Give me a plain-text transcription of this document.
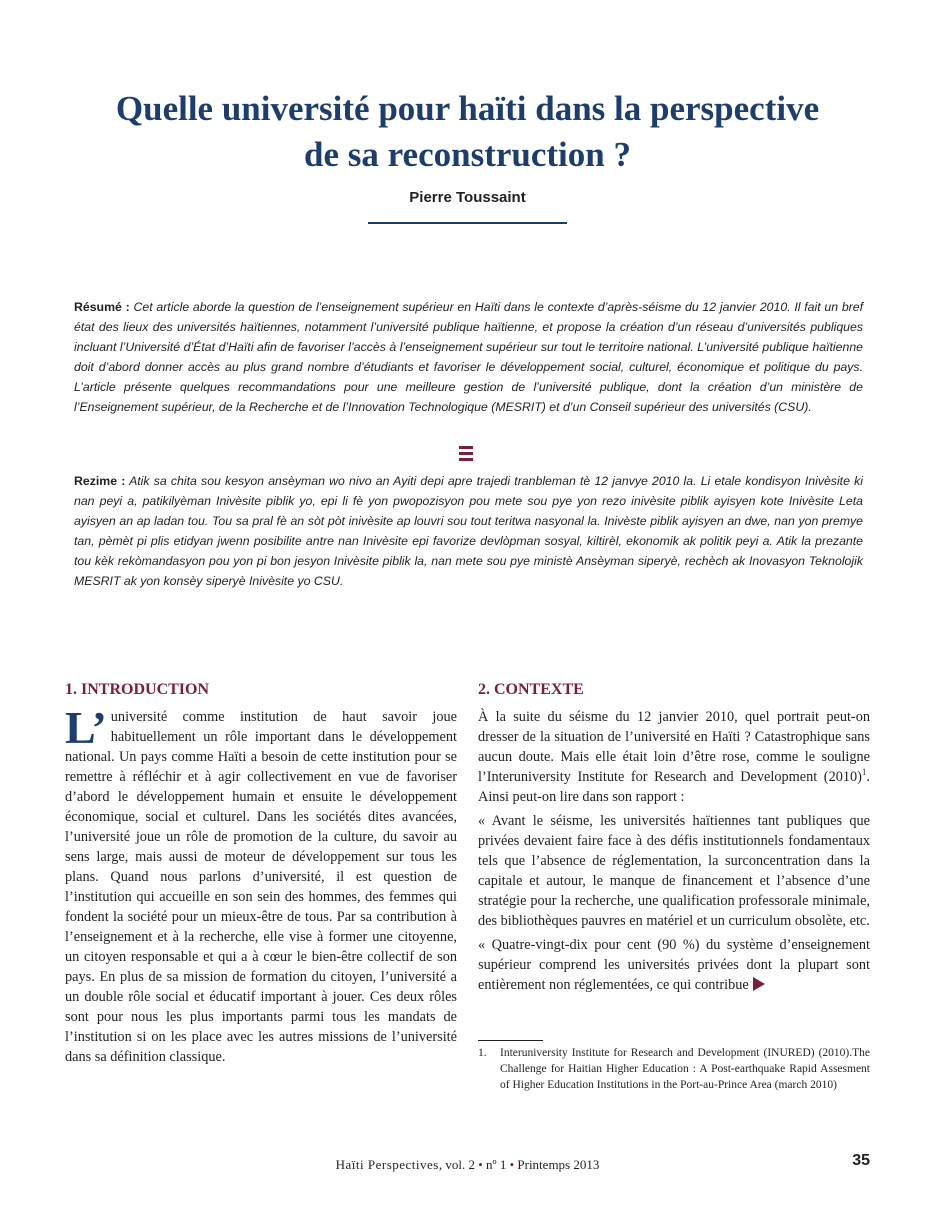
Quelle université pour haïti dans la perspective
de sa reconstruction ?
Pierre Toussaint
Résumé : Cet article aborde la question de l’enseignement supérieur en Haïti dans le contexte d’après-séisme du 12 janvier 2010. Il fait un bref état des lieux des universités haïtiennes, notamment l’université publique haïtienne, et propose la création d’un réseau d’universités publiques incluant l’Université d’État d’Haïti afin de favoriser l’accès à l’enseignement supérieur sur tout le territoire national. L’université publique haïtienne doit d’abord donner accès au plus grand nombre d’étudiants et favoriser le développement social, culturel, économique et politique du pays. L’article présente quelques recommandations pour une meilleure gestion de l’université publique, dont la création d’un ministère de l’Enseignement supérieur, de la Recherche et de l’Innovation Technologique (MESRIT) et d’un Conseil supérieur des universités (CSU).
Rezime : Atik sa chita sou kesyon ansèyman wo nivo an Ayiti depi apre trajedi tranbleman tè 12 janvye 2010 la. Li etale kondisyon Inivèsite ki nan peyi a, patikilyèman Inivèsite piblik yo, epi li fè yon pwopozisyon pou mete sou pye yon rezo inivèsite piblik ayisyen kote Inivèsite Leta ayisyen an ap ladan tou. Tou sa pral fè an sòt pòt inivèsite ap louvri sou tout teritwa nasyonal la. Inivèste piblik ayisyen an dwe, nan yon premye tan, pèmèt pi plis etidyan jwenn posibilite antre nan Inivèsite epi favorize devlòpman sosyal, kiltirèl, ekonomik ak politik peyi a. Atik la prezante tou kèk rekòmandasyon pou yon pi bon jesyon Inivèsite piblik la, nan mete sou pye ministè Ansèyman siperyè, rechèch ak Inovasyon Teknolojik MESRIT ak yon konsèy siperyè Inivèsite yo CSU.
1. INTRODUCTION

L’ université comme institution de haut savoir joue habituellement un rôle important dans le développement national. Un pays comme Haïti a besoin de cette institution pour se remettre à réfléchir et à agir collectivement en vue de favoriser d’abord le développement humain et ensuite le développement économique, social et culturel. Dans les sociétés dites avancées, l’université joue un rôle de promotion de la culture, du savoir au sens large, mais aussi de moteur de développement sur tous les plans. Quand nous parlons d’université, il est question de l’institution qui accueille en son sein des hommes, des femmes qui fondent la société pour un mieux-être de tous. Par sa contribution à l’enseignement et à la recherche, elle vise à former une citoyenne, un citoyen responsable et qui a à cœur le bien-être collectif de son pays. En plus de sa mission de formation du citoyen, l’université a un double rôle social et éducatif important à jouer. Ces deux rôles sont pour nous les plus importants parmi tous les mandats de l’institution si on les place avec les autres missions de l’université dans sa définition classique.

2. CONTEXTE

À la suite du séisme du 12 janvier 2010, quel portrait peut-on dresser de la situation de l’université en Haïti ? Catastrophique sans aucun doute. Mais elle était loin d’être rose, comme le souligne l’Interuniversity Institute for Research and Development $(2010)^1$. Ainsi peut-on lire dans son rapport :

« Avant le séisme, les universités haïtiennes tant publiques que privées devaient faire face à des défis institutionnels fondamentaux tels que l’absence de réglementation, la surconcentration dans la capitale et autour, le manque de financement et l’absence d’une stratégie pour la recherche, une qualification professorale minimale, des bibliothèques pauvres en matériel et un curriculum obsolète, etc.

« Quatre-vingt-dix pour cent (90 %) du système d’enseignement supérieur comprend les universités privées dont la plupart sont entièrement non réglementées, ce qui contribue

1.	Interuniversity Institute for Research and Development (INURED) (2010).The Challenge for Haitian Higher Education : A Post-earthquake Rapid Assesment of Higher Education Institutions in the Port-au-Prince Area (march 2010)
Haïti Perspectives, vol. 2 • nº 1 • Printemps 2013	35
